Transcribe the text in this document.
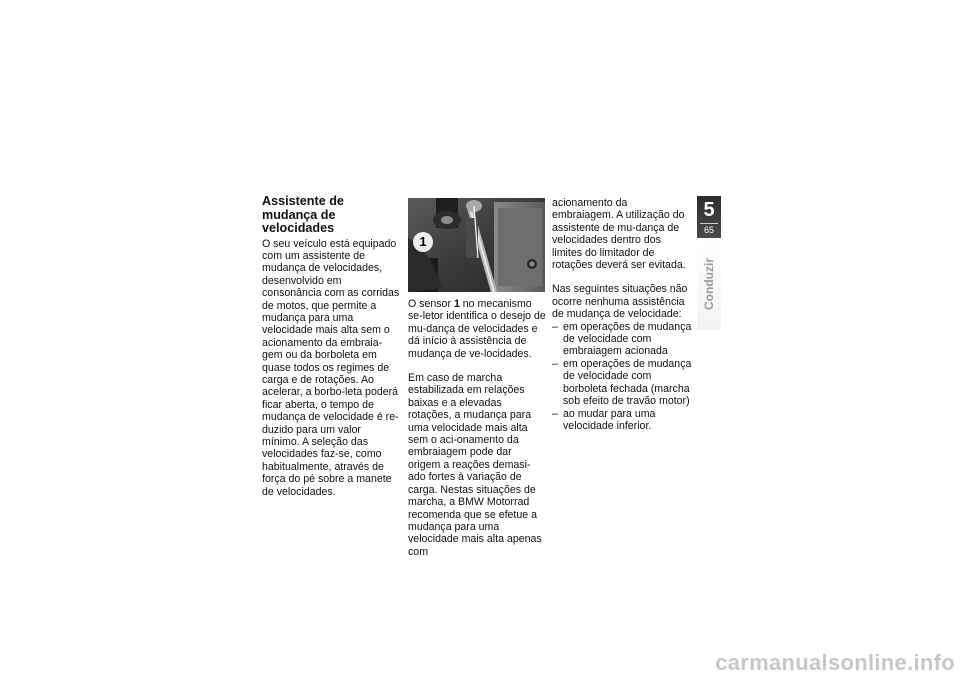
Assistente de mudança de velocidades

O seu veículo está equipado com um assistente de mudança de velocidades, desenvolvido em consonância com as corridas de motos, que permite a mudança para uma velocidade mais alta sem o acionamento da embraia-gem ou da borboleta em quase todos os regimes de carga e de rotações. Ao acelerar, a borbo-leta poderá ficar aberta, o tempo de mudança de velocidade é re-duzido para um valor mínimo. A seleção das velocidades faz-se, como habitualmente, através de força do pé sobre a manete de velocidades.

1

O sensor 1 no mecanismo se-letor identifica o desejo de mu-dança de velocidades e dá início à assistência de mudança de ve-locidades.

Em caso de marcha estabilizada em relações baixas e a elevadas rotações, a mudança para uma velocidade mais alta sem o aci-onamento da embraiagem pode dar origem a reações demasi-ado fortes à variação de carga. Nestas situações de marcha, a BMW Motorrad recomenda que se efetue a mudança para uma velocidade mais alta apenas com

acionamento da embraiagem. A utilização do assistente de mu-dança de velocidades dentro dos limites do limitador de rotações deverá ser evitada.

Nas seguintes situações não ocorre nenhuma assistência de mudança de velocidade:

– em operações de mudança de velocidade com embraiagem acionada
– em operações de mudança de velocidade com borboleta fechada (marcha sob efeito de travão motor)
– ao mudar para uma velocidade inferior.
5
65
Conduzir
carmanualsonline.info
